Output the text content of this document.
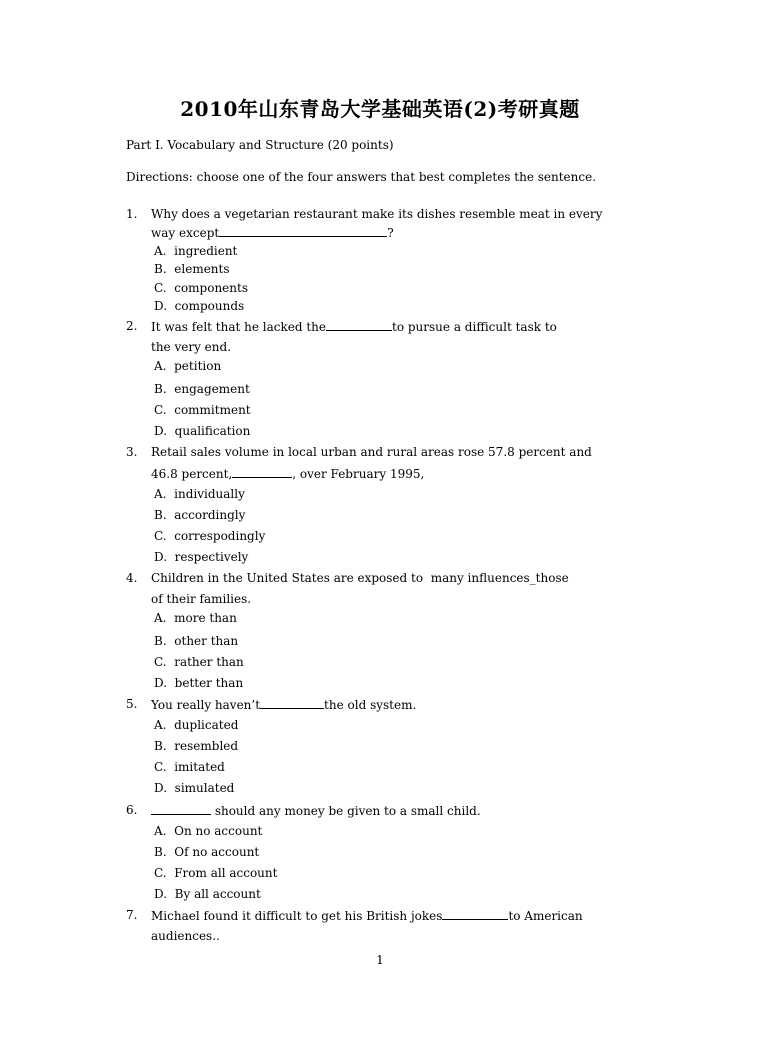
2010年山东青岛大学基础英语(2)考研真题
Part I. Vocabulary and Structure (20 points)
Directions: choose one of the four answers that best completes the sentence.
1. Why does a vegetarian restaurant make its dishes resemble meat in every
way except	?
A. ingredient
B. elements
C. components
D. compounds
2. It was felt that he lacked the	to pursue a difficult task to
the very end.
A. petition
B. engagement
C. commitment
D. qualification
3. Retail sales volume in local urban and rural areas rose 57.8 percent and
46.8 percent,	, over February 1995,
A. individually
B. accordingly
C. correspodingly
D. respectively
4. Children in the United States are exposed to  many influences_those
of their families.
A. more than
B. other than
C. rather than
D. better than
5. You really haven’t	the old system.
A. duplicated
B. resembled
C. imitated
D. simulated
6.	should any money be given to a small child.
A. On no account
B. Of no account
C. From all account
D. By all account
7. Michael found it difficult to get his British jokes	to American
audiences..
1
